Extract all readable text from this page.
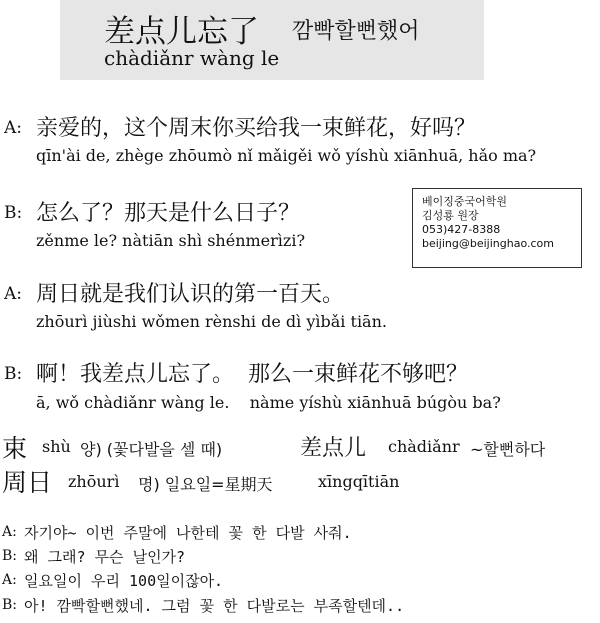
差点儿忘了 깜빡할뻔했어
chàdiǎnr wàng le
A: 亲爱的，这个周末你买给我一束鲜花，好吗？
qīn'ài de, zhège zhōumò nǐ mǎigěi wǒ yíshù xiānhuā, hǎo ma?
B: 怎么了？那天是什么日子？
zěnme le? nàtiān shì shénmerìzi?
베이징중국어학원
김성룡 원장
053)427-8388
beijing@beijinghao.com
A: 周日就是我们认识的第一百天。
zhōurì jiùshi wǒmen rènshi de dì yìbǎi tiān.
B: 啊！我差点儿忘了。  那么一束鲜花不够吧？
ā, wǒ chàdiǎnr wàng le.    nàme yíshù xiānhuā búgòu ba?
束 shù 양) (꽃다발을 셀 때)	差点儿 chàdiǎnr ~할뻔하다
周日 zhōurì 명) 일요일=星期天	xīngqītiān
A: 자기야~ 이번 주말에 나한테 꽃 한 다발 사줘.
B: 왜 그래? 무슨 날인가?
A: 일요일이 우리 100일이잖아.
B: 아! 깜빡할뻔했네. 그럼 꽃 한 다발로는 부족할텐데..
